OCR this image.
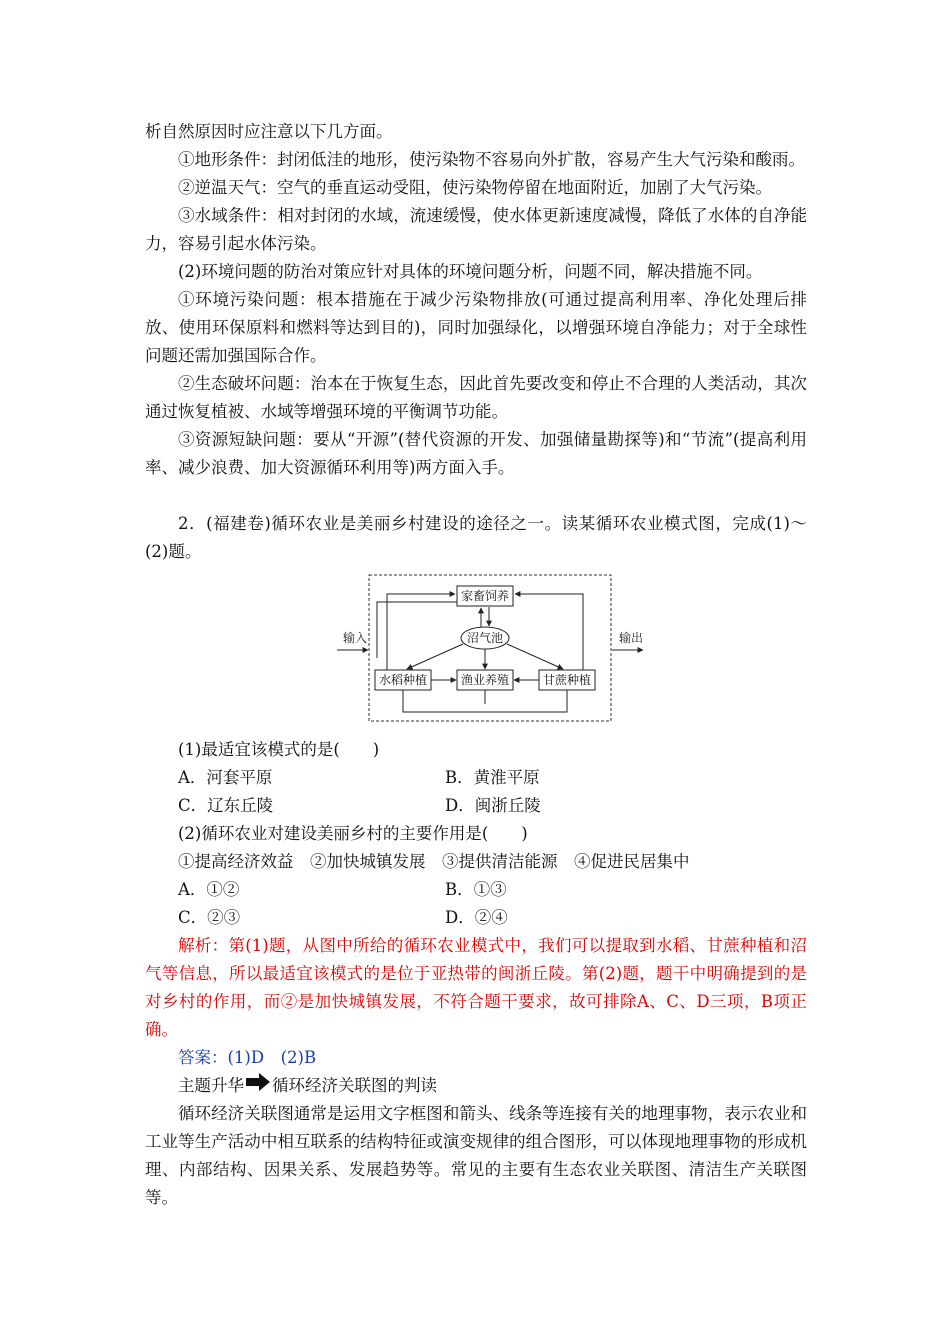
析自然原因时应注意以下几方面。

①地形条件：封闭低洼的地形，使污染物不容易向外扩散，容易产生大气污染和酸雨。

②逆温天气：空气的垂直运动受阻，使污染物停留在地面附近，加剧了大气污染。

③水域条件：相对封闭的水域，流速缓慢，使水体更新速度减慢，降低了水体的自净能力，容易引起水体污染。

(2)环境问题的防治对策应针对具体的环境问题分析，问题不同，解决措施不同。

①环境污染问题：根本措施在于减少污染物排放(可通过提高利用率、净化处理后排放、使用环保原料和燃料等达到目的)，同时加强绿化，以增强环境自净能力；对于全球性问题还需加强国际合作。

②生态破坏问题：治本在于恢复生态，因此首先要改变和停止不合理的人类活动，其次通过恢复植被、水域等增强环境的平衡调节功能。

③资源短缺问题：要从“开源”(替代资源的开发、加强储量勘探等)和“节流”(提高利用率、减少浪费、加大资源循环利用等)两方面入手。

2．(福建卷)循环农业是美丽乡村建设的途径之一。读某循环农业模式图，完成(1)～(2)题。

输入	输出
家畜饲养
沼气池
水稻种植	渔业养殖	甘蔗种植

(1)最适宜该模式的是(　　)

A．河套平原	B．黄淮平原
C．辽东丘陵	D．闽浙丘陵

(2)循环农业对建设美丽乡村的主要作用是(　　)

①提高经济效益　②加快城镇发展　③提供清洁能源　④促进民居集中

A．①②	B．①③
C．②③	D．②④

解析：第(1)题，从图中所给的循环农业模式中，我们可以提取到水稻、甘蔗种植和沼气等信息，所以最适宜该模式的是位于亚热带的闽浙丘陵。第(2)题，题干中明确提到的是对乡村的作用，而②是加快城镇发展，不符合题干要求，故可排除A、C、D三项，B项正确。

答案：(1)D　(2)B

主题升华 循环经济关联图的判读

循环经济关联图通常是运用文字框图和箭头、线条等连接有关的地理事物，表示农业和工业等生产活动中相互联系的结构特征或演变规律的组合图形，可以体现地理事物的形成机理、内部结构、因果关系、发展趋势等。常见的主要有生态农业关联图、清洁生产关联图等。
